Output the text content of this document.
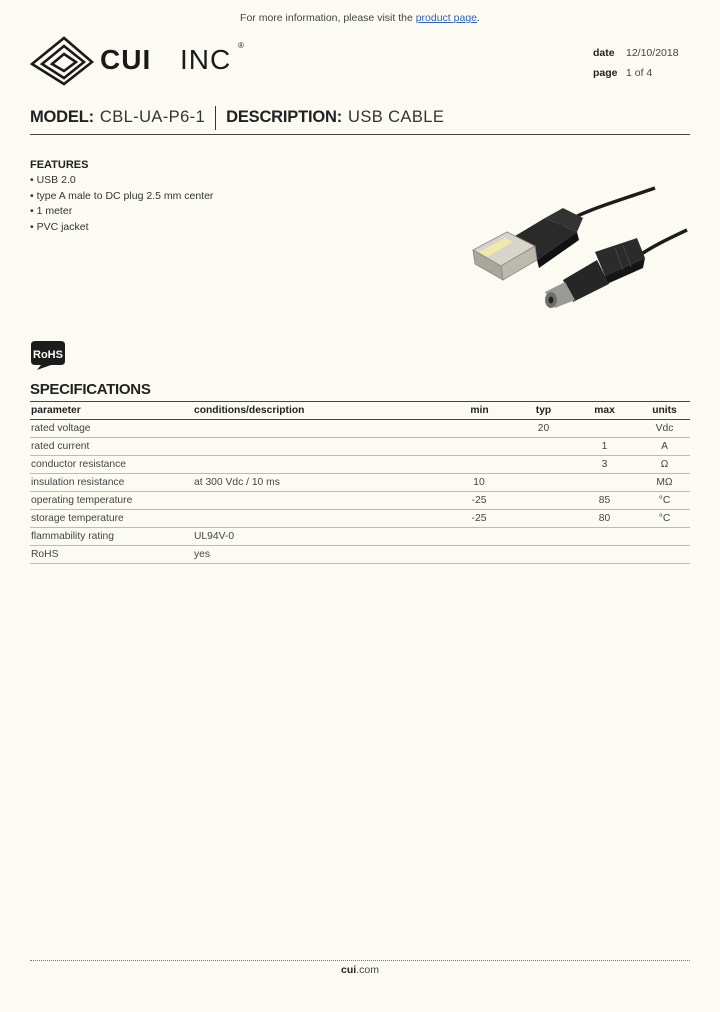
For more information, please visit the product page.
CUI INC ®
date	12/10/2018
page 1 of 4
MODEL: CBL-UA-P6-1 DESCRIPTION: USB CABLE
FEATURES
• USB 2.0
• type A male to DC plug 2.5 mm center
• 1 meter
• PVC jacket
RoHS
SPECIFICATIONS
parameter	conditions/description	min	typ	max	units
rated voltage			20		Vdc
rated current				1	A
conductor resistance				3	Ω
insulation resistance	at 300 Vdc / 10 ms	10			MΩ
operating temperature		-25		85	°C
storage temperature		-25		80	°C
flammability rating	UL94V-0				
RoHS	yes				
cui.com
